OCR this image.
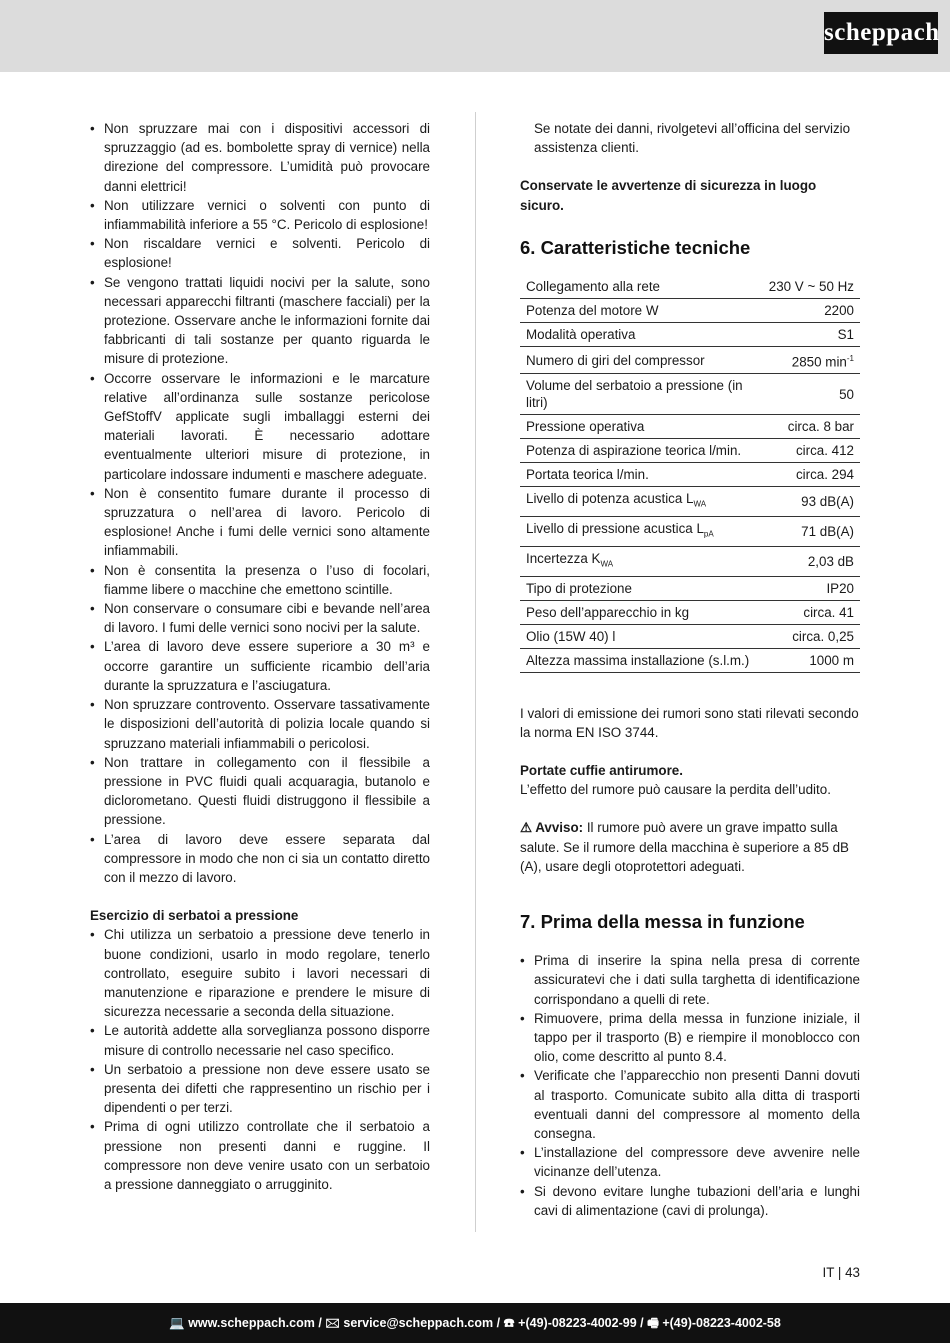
scheppach
• Non spruzzare mai con i dispositivi accessori di spruzzaggio (ad es. bombolette spray di vernice) nella direzione del compressore. L’umidità può provocare danni elettrici!
• Non utilizzare vernici o solventi con punto di infiammabilità inferiore a 55 °C. Pericolo di esplosione!
• Non riscaldare vernici e solventi. Pericolo di esplosione!
• Se vengono trattati liquidi nocivi per la salute, sono necessari apparecchi filtranti (maschere facciali) per la protezione. Osservare anche le informazioni fornite dai fabbricanti di tali sostanze per quanto riguarda le misure di protezione.
• Occorre osservare le informazioni e le marcature relative all’ordinanza sulle sostanze pericolose GefStoffV applicate sugli imballaggi esterni dei materiali lavorati. È necessario adottare eventualmente ulteriori misure di protezione, in particolare indossare indumenti e maschere adeguate.
• Non è consentito fumare durante il processo di spruzzatura o nell’area di lavoro. Pericolo di esplosione! Anche i fumi delle vernici sono altamente infiammabili.
• Non è consentita la presenza o l’uso di focolari, fiamme libere o macchine che emettono scintille.
• Non conservare o consumare cibi e bevande nell’area di lavoro. I fumi delle vernici sono nocivi per la salute.
• L’area di lavoro deve essere superiore a 30 m³ e occorre garantire un sufficiente ricambio dell’aria durante la spruzzatura e l’asciugatura.
• Non spruzzare controvento. Osservare tassativamente le disposizioni dell’autorità di polizia locale quando si spruzzano materiali infiammabili o pericolosi.
• Non trattare in collegamento con il flessibile a pressione in PVC fluidi quali acquaragia, butanolo e diclorometano. Questi fluidi distruggono il flessibile a pressione.
• L’area di lavoro deve essere separata dal compressore in modo che non ci sia un contatto diretto con il mezzo di lavoro.

Esercizio di serbatoi a pressione

• Chi utilizza un serbatoio a pressione deve tenerlo in buone condizioni, usarlo in modo regolare, tenerlo controllato, eseguire subito i lavori necessari di manutenzione e riparazione e prendere le misure di sicurezza necessarie a seconda della situazione.
• Le autorità addette alla sorveglianza possono disporre misure di controllo necessarie nel caso specifico.
• Un serbatoio a pressione non deve essere usato se presenta dei difetti che rappresentino un rischio per i dipendenti o per terzi.
• Prima di ogni utilizzo controllate che il serbatoio a pressione non presenti danni e ruggine. Il compressore non deve venire usato con un serbatoio a pressione danneggiato o arrugginito.

Se notate dei danni, rivolgetevi all’officina del servizio assistenza clienti.

Conservate le avvertenze di sicurezza in luogo sicuro.

6. Caratteristiche tecniche
Collegamento alla rete	230 V ~ 50 Hz
Potenza del motore W	2200
Modalità operativa	S1
Numero di giri del compressor	2850 $\min^{-1}$
Volume del serbatoio a pressione (in litri)	50
Pressione operativa	circa. 8 bar
Potenza di aspirazione teorica l/min.	circa. 412
Portata teorica l/min.	circa. 294
Livello di potenza acustica $L_{WA}$	93 dB(A)
Livello di pressione acustica $L_{pA}$	71 dB(A)
Incertezza $K_{WA}$	2,03 dB
Tipo di protezione	IP20
Peso dell’apparecchio in kg	circa. 41
Olio (15W 40) l	circa. 0,25
Altezza massima installazione (s.l.m.)	1000 m

I valori di emissione dei rumori sono stati rilevati secondo la norma EN ISO 3744.

Portate cuffie antirumore.

L’effetto del rumore può causare la perdita dell’udito.

⚠ Avviso: Il rumore può avere un grave impatto sulla salute. Se il rumore della macchina è superiore a 85 dB (A), usare degli otoprotettori adeguati.

7. Prima della messa in funzione
• Prima di inserire la spina nella presa di corrente assicuratevi che i dati sulla targhetta di identificazione corrispondano a quelli di rete.
• Rimuovere, prima della messa in funzione iniziale, il tappo per il trasporto (B) e riempire il monoblocco con olio, come descritto al punto 8.4.
• Verificate che l’apparecchio non presenti Danni dovuti al trasporto. Comunicate subito alla ditta di trasporti eventuali danni del compressore al momento della consegna.
• L’installazione del compressore deve avvenire nelle vicinanze dell’utenza.
• Si devono evitare lunghe tubazioni dell’aria e lunghi cavi di alimentazione (cavi di prolunga).
IT | 43
💻 www.scheppach.com / 🖂 service@scheppach.com / ☎ +(49)-08223-4002-99 / 🖷 +(49)-08223-4002-58
